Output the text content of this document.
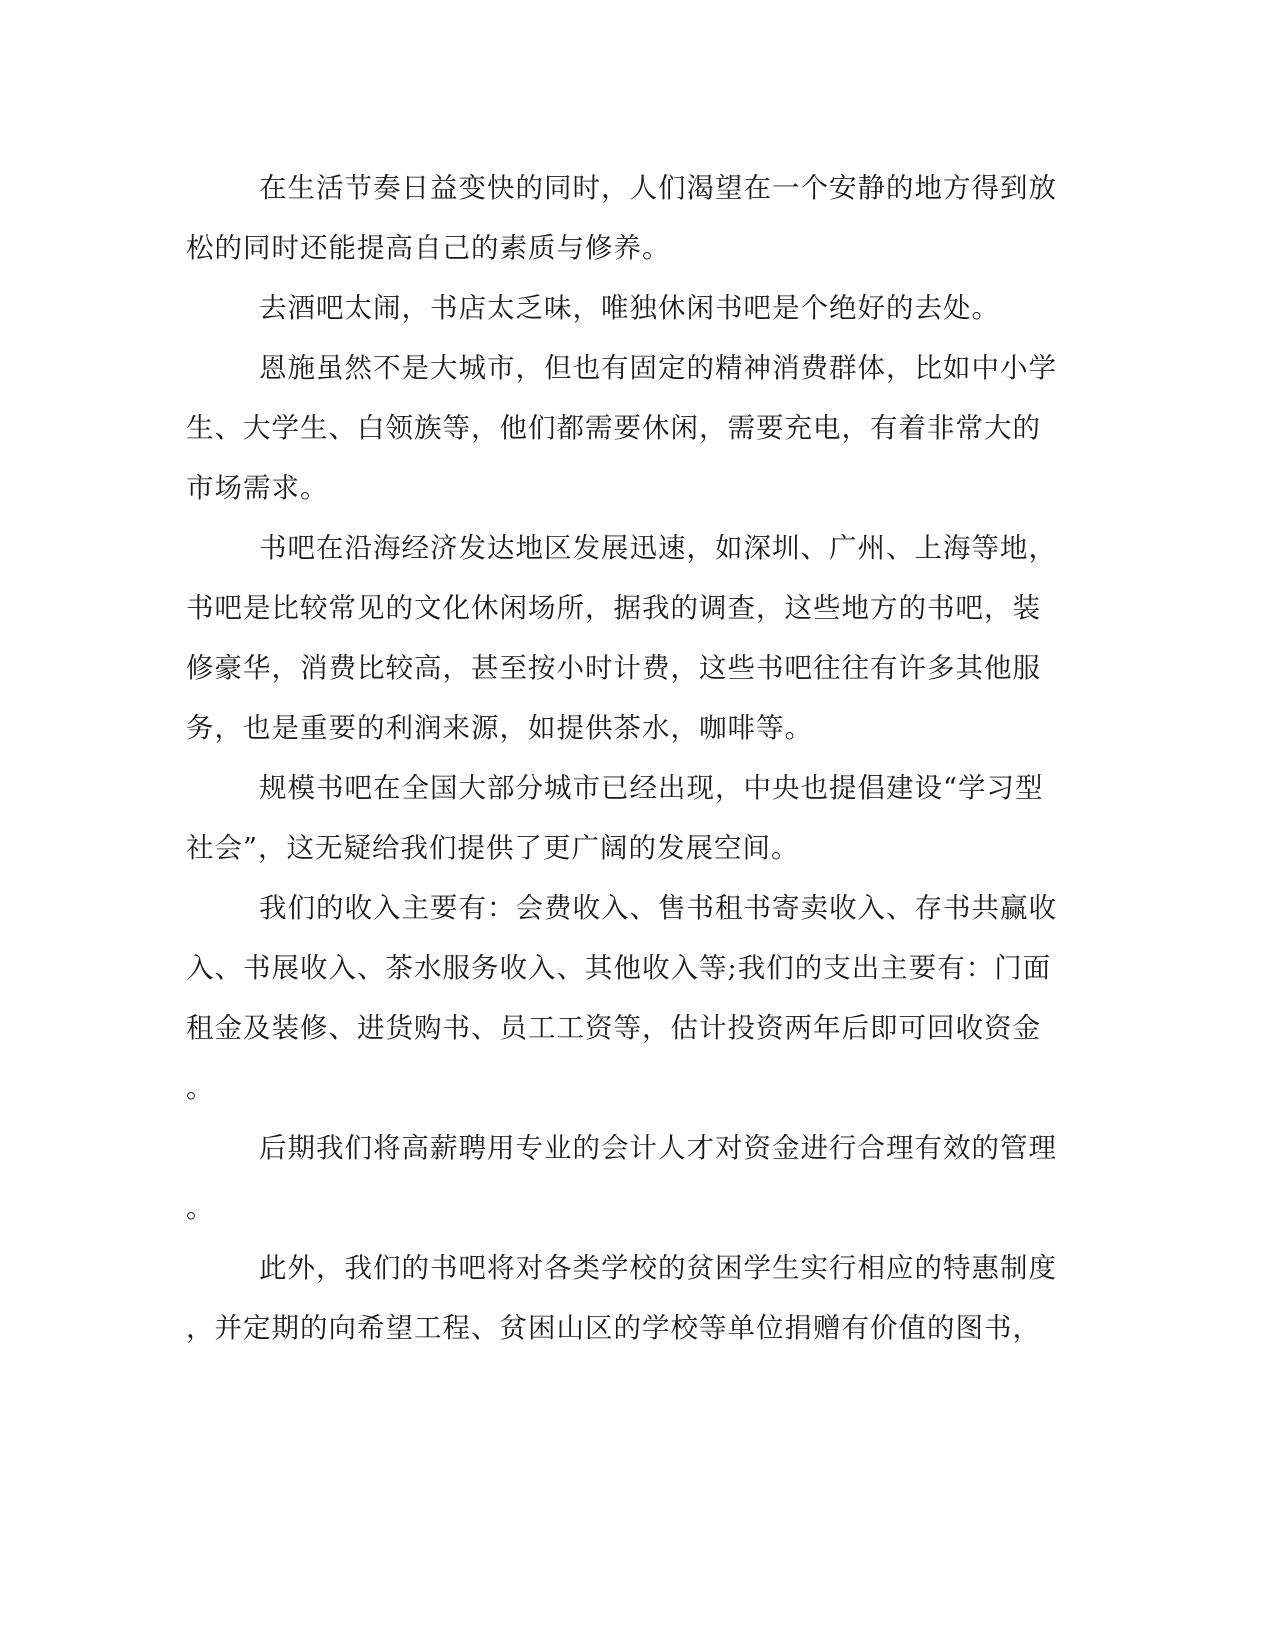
在生活节奏日益变快的同时，人们渴望在一个安静的地方得到放
松的同时还能提高自己的素质与修养。
去酒吧太闹，书店太乏味，唯独休闲书吧是个绝好的去处。
恩施虽然不是大城市，但也有固定的精神消费群体，比如中小学
生、大学生、白领族等，他们都需要休闲，需要充电，有着非常大的
市场需求。
书吧在沿海经济发达地区发展迅速，如深圳、广州、上海等地，
书吧是比较常见的文化休闲场所，据我的调查，这些地方的书吧，装
修豪华，消费比较高，甚至按小时计费，这些书吧往往有许多其他服
务，也是重要的利润来源，如提供茶水，咖啡等。
规模书吧在全国大部分城市已经出现，中央也提倡建设“学习型
社会”，这无疑给我们提供了更广阔的发展空间。
我们的收入主要有：会费收入、售书租书寄卖收入、存书共赢收
入、书展收入、茶水服务收入、其他收入等;我们的支出主要有：门面
租金及装修、进货购书、员工工资等，估计投资两年后即可回收资金
。
后期我们将高薪聘用专业的会计人才对资金进行合理有效的管理
。
此外，我们的书吧将对各类学校的贫困学生实行相应的特惠制度
，并定期的向希望工程、贫困山区的学校等单位捐赠有价值的图书，
